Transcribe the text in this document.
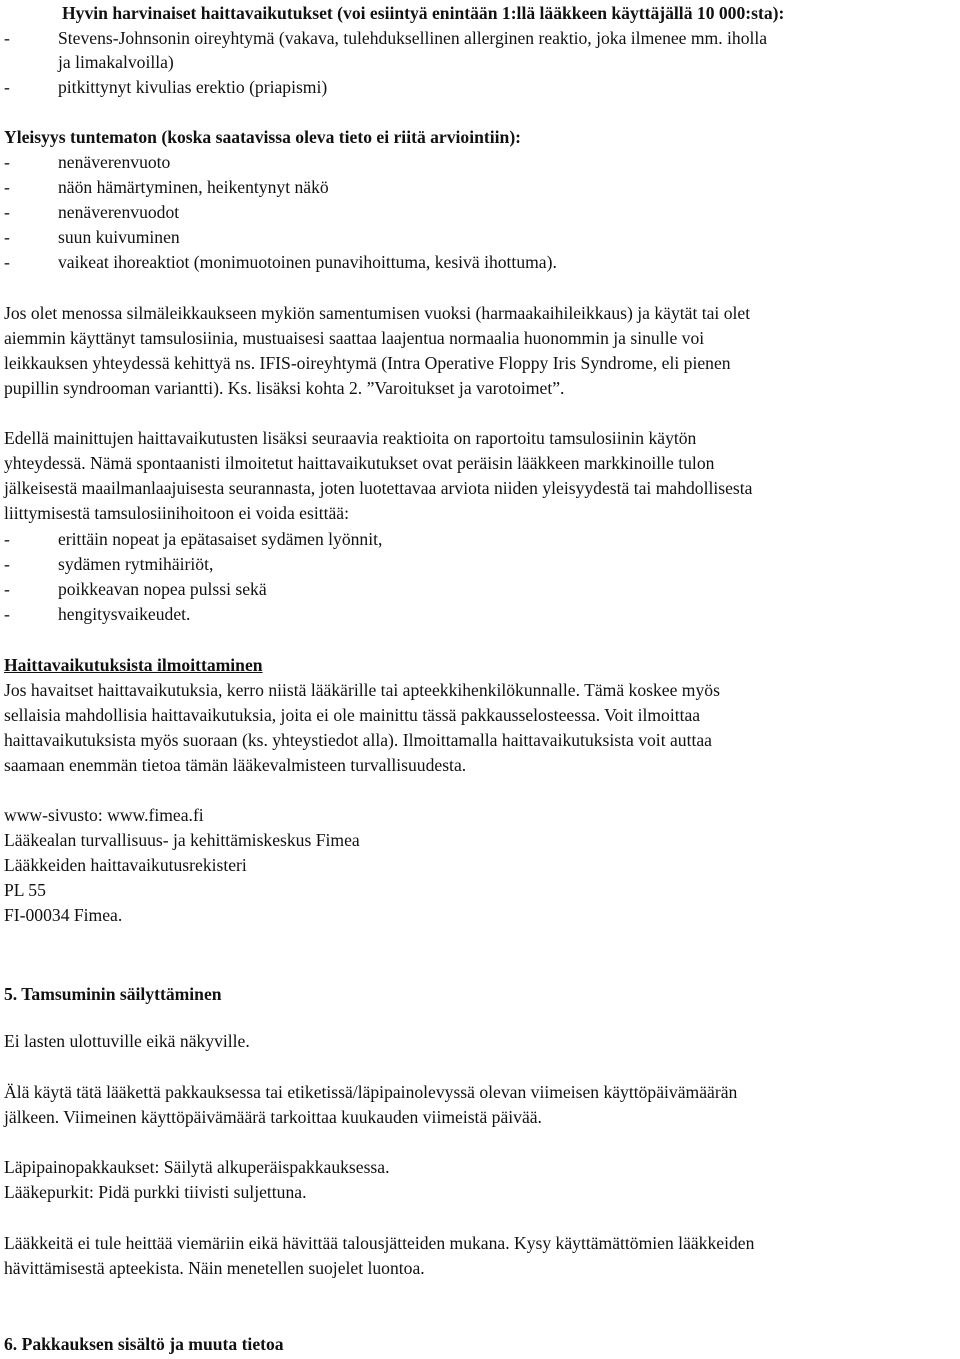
Hyvin harvinaiset haittavaikutukset (voi esiintyä enintään 1:llä lääkkeen käyttäjällä 10 000:sta):
-	Stevens-Johnsonin oireyhtymä (vakava, tulehduksellinen allerginen reaktio, joka ilmenee mm. iholla
ja limakalvoilla)
-	pitkittynyt kivulias erektio (priapismi)
Yleisyys tuntematon (koska saatavissa oleva tieto ei riitä arviointiin):
-	nenäverenvuoto
-	näön hämärtyminen, heikentynyt näkö
-	nenäverenvuodot
-	suun kuivuminen
-	vaikeat ihoreaktiot (monimuotoinen punavihoittuma, kesivä ihottuma).
Jos olet menossa silmäleikkaukseen mykiön samentumisen vuoksi (harmaakaihileikkaus) ja käytät tai olet
aiemmin käyttänyt tamsulosiinia, mustuaisesi saattaa laajentua normaalia huonommin ja sinulle voi
leikkauksen yhteydessä kehittyä ns. IFIS-oireyhtymä (Intra Operative Floppy Iris Syndrome, eli pienen
pupillin syndrooman variantti). Ks. lisäksi kohta 2. ”Varoitukset ja varotoimet”.
Edellä mainittujen haittavaikutusten lisäksi seuraavia reaktioita on raportoitu tamsulosiinin käytön
yhteydessä. Nämä spontaanisti ilmoitetut haittavaikutukset ovat peräisin lääkkeen markkinoille tulon
jälkeisestä maailmanlaajuisesta seurannasta, joten luotettavaa arviota niiden yleisyydestä tai mahdollisesta
liittymisestä tamsulosiinihoitoon ei voida esittää:
-	erittäin nopeat ja epätasaiset sydämen lyönnit,
-	sydämen rytmihäiriöt,
-	poikkeavan nopea pulssi sekä
-	hengitysvaikeudet.
Haittavaikutuksista ilmoittaminen
Jos havaitset haittavaikutuksia, kerro niistä lääkärille tai apteekkihenkilökunnalle. Tämä koskee myös
sellaisia mahdollisia haittavaikutuksia, joita ei ole mainittu tässä pakkausselosteessa. Voit ilmoittaa
haittavaikutuksista myös suoraan (ks. yhteystiedot alla). Ilmoittamalla haittavaikutuksista voit auttaa
saamaan enemmän tietoa tämän lääkevalmisteen turvallisuudesta.
www-sivusto: www.fimea.fi
Lääkealan turvallisuus- ja kehittämiskeskus Fimea
Lääkkeiden haittavaikutusrekisteri
PL 55
FI-00034 Fimea.
5. Tamsuminin säilyttäminen
Ei lasten ulottuville eikä näkyville.
Älä käytä tätä lääkettä pakkauksessa tai etiketissä/läpipainolevyssä olevan viimeisen käyttöpäivämäärän
jälkeen. Viimeinen käyttöpäivämäärä tarkoittaa kuukauden viimeistä päivää.
Läpipainopakkaukset: Säilytä alkuperäispakkauksessa.
Lääkepurkit: Pidä purkki tiivisti suljettuna.
Lääkkeitä ei tule heittää viemäriin eikä hävittää talousjätteiden mukana. Kysy käyttämättömien lääkkeiden
hävittämisestä apteekista. Näin menetellen suojelet luontoa.
6. Pakkauksen sisältö ja muuta tietoa
